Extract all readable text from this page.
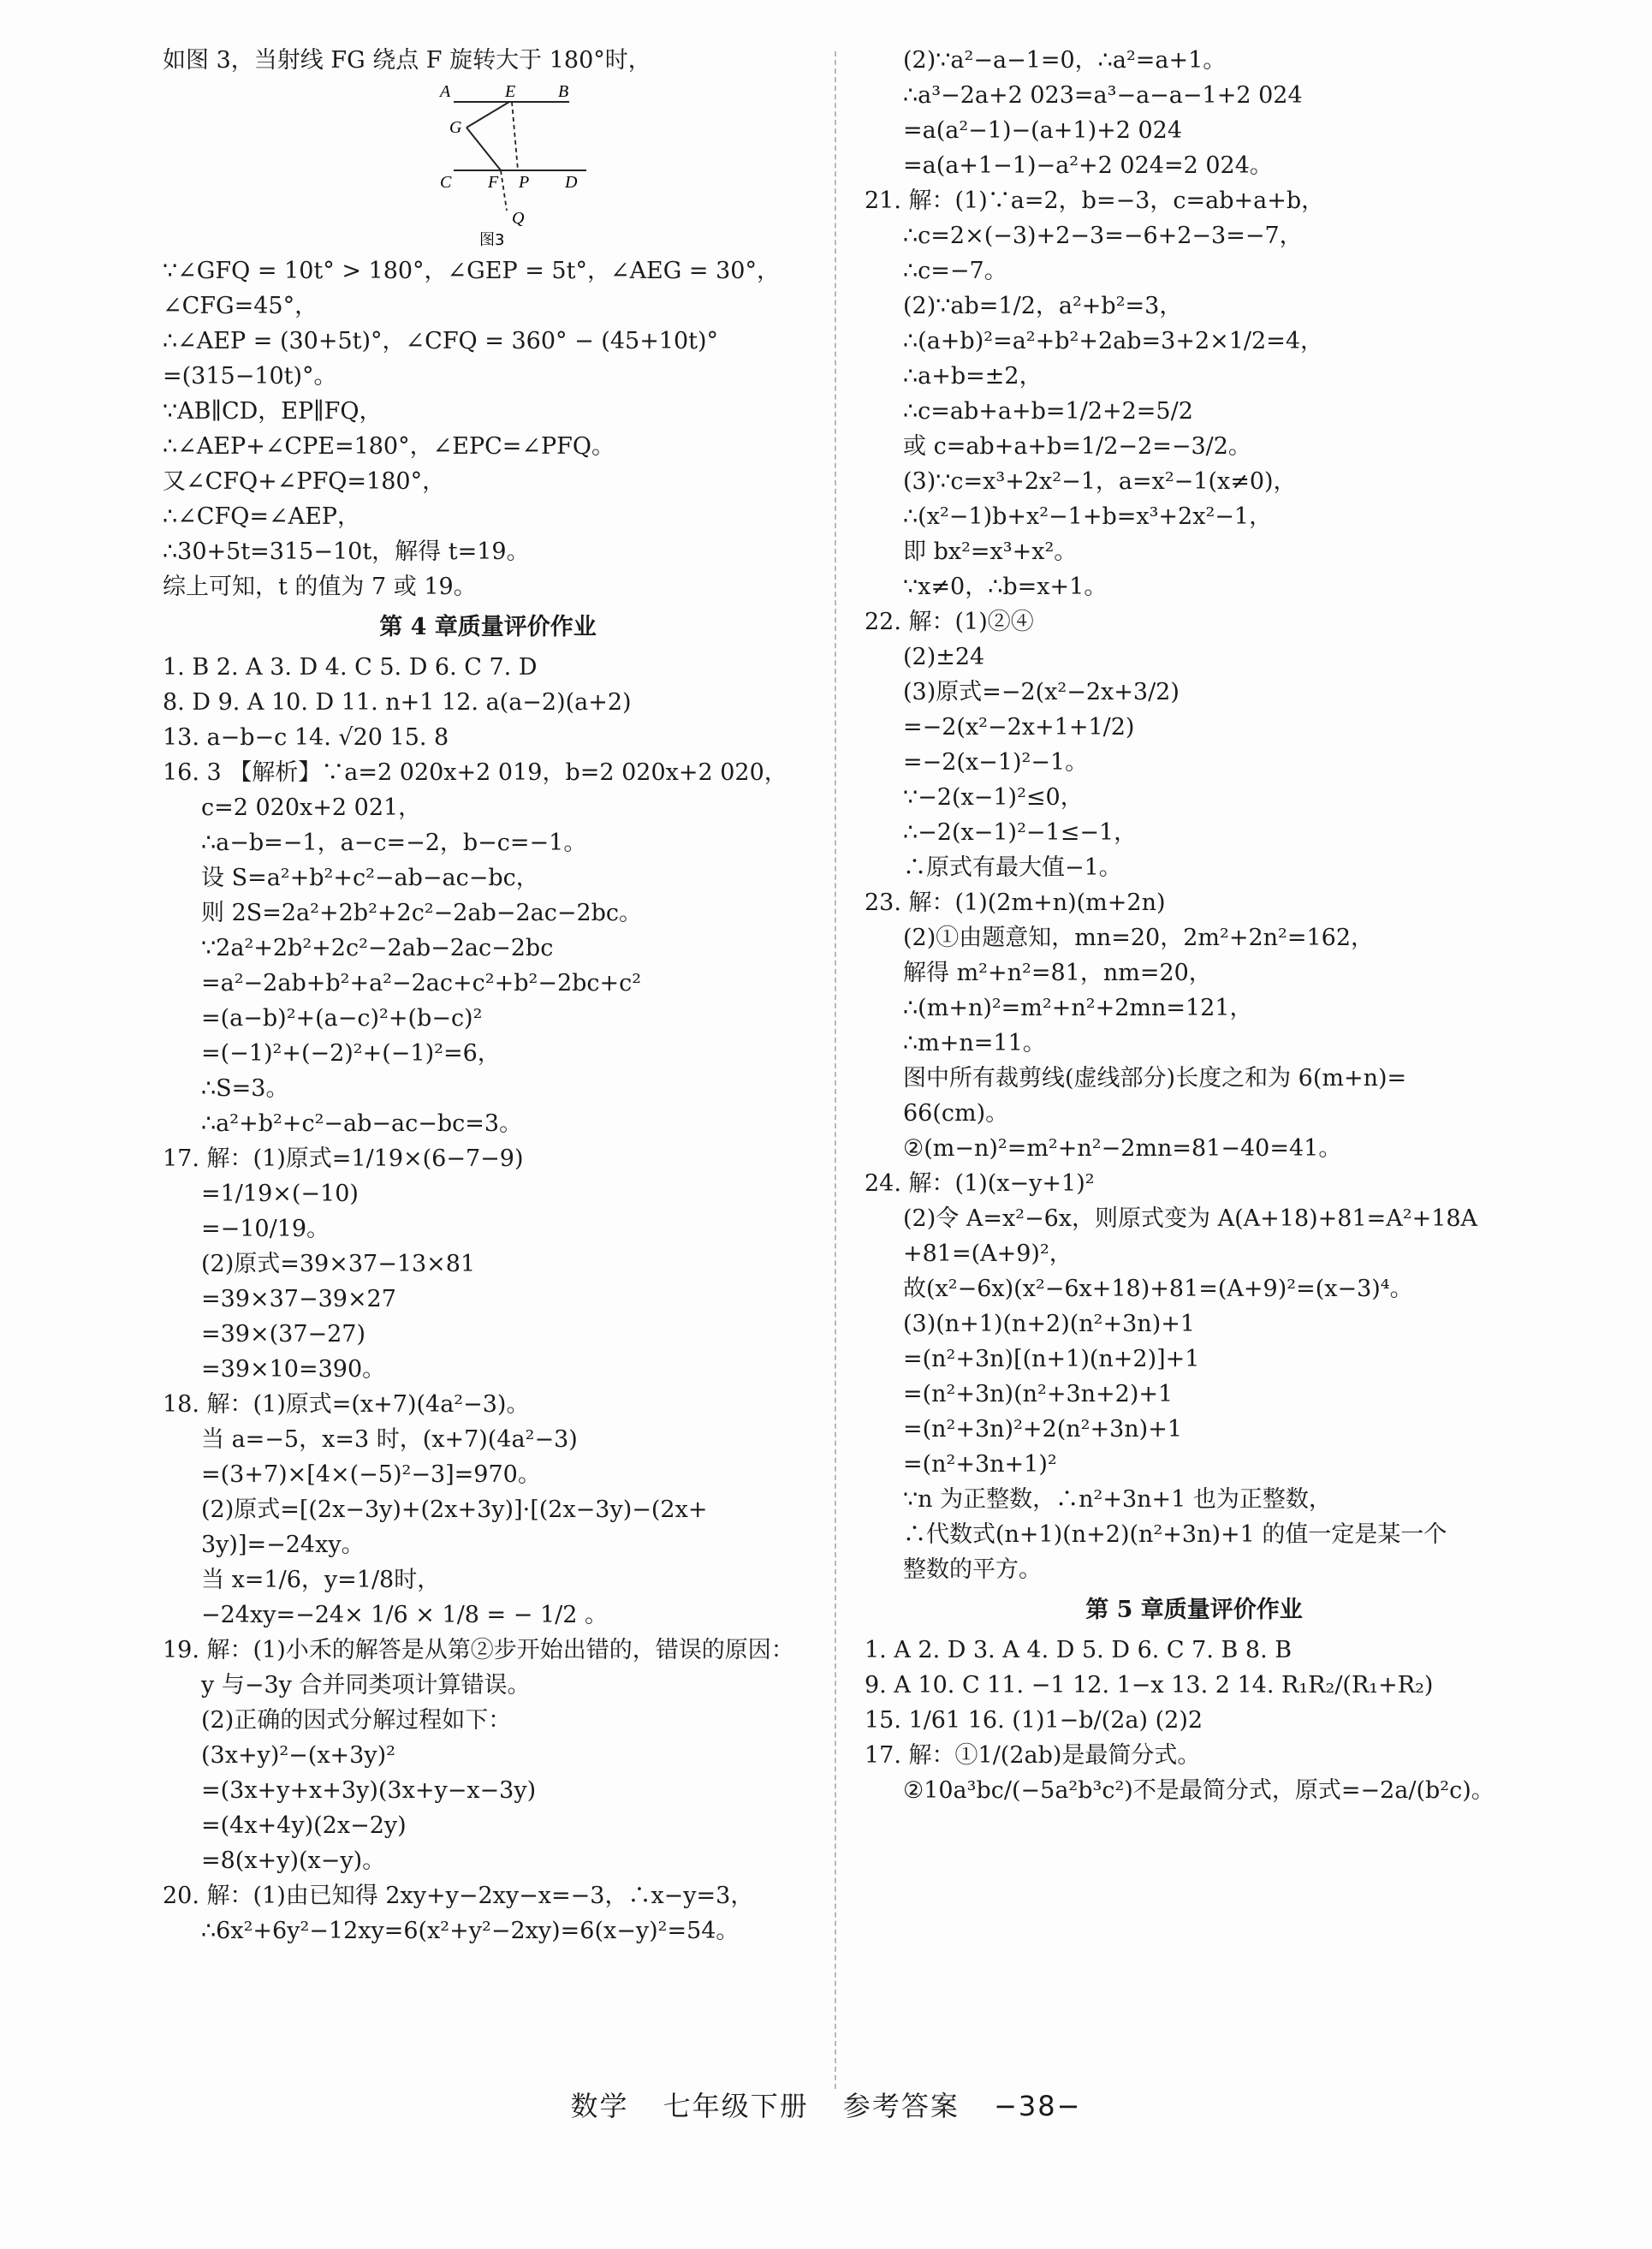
如图 3，当射线 FG 绕点 F 旋转大于 180°时，
A	E B
G
C F P D
Q
图3
∵∠GFQ = 10t° > 180°，∠GEP = 5t°，∠AEG = 30°，
∠CFG=45°，
∴∠AEP = (30+5t)°，∠CFQ = 360° − (45+10t)°
=(315−10t)°。
∵AB∥CD，EP∥FQ，
∴∠AEP+∠CPE=180°，∠EPC=∠PFQ。
又∠CFQ+∠PFQ=180°，
∴∠CFQ=∠AEP，
∴30+5t=315−10t，解得 t=19。
综上可知，t 的值为 7 或 19。
第 4 章质量评价作业
1. B 2. A 3. D 4. C 5. D 6. C 7. D
8. D 9. A 10. D 11. n+1 12. a(a−2)(a+2)
13. a−b−c 14. √20 15. 8
16. 3 【解析】∵a=2 020x+2 019，b=2 020x+2 020，
c=2 020x+2 021，
∴a−b=−1，a−c=−2，b−c=−1。
设 S=a²+b²+c²−ab−ac−bc，
则 2S=2a²+2b²+2c²−2ab−2ac−2bc。
∵2a²+2b²+2c²−2ab−2ac−2bc
=a²−2ab+b²+a²−2ac+c²+b²−2bc+c²
=(a−b)²+(a−c)²+(b−c)²
=(−1)²+(−2)²+(−1)²=6，
∴S=3。
∴a²+b²+c²−ab−ac−bc=3。
17. 解：(1)原式=1/19×(6−7−9)
=1/19×(−10)
=−10/19。
(2)原式=39×37−13×81
=39×37−39×27
=39×(37−27)
=39×10=390。
18. 解：(1)原式=(x+7)(4a²−3)。
当 a=−5，x=3 时，(x+7)(4a²−3)
=(3+7)×[4×(−5)²−3]=970。
(2)原式=[(2x−3y)+(2x+3y)]·[(2x−3y)−(2x+
3y)]=−24xy。
当 x=1/6，y=1/8时，
−24xy=−24× 1/6 × 1/8 = − 1/2 。
19. 解：(1)小禾的解答是从第②步开始出错的，错误的原因：
y 与−3y 合并同类项计算错误。
(2)正确的因式分解过程如下：
(3x+y)²−(x+3y)²
=(3x+y+x+3y)(3x+y−x−3y)
=(4x+4y)(2x−2y)
=8(x+y)(x−y)。
20. 解：(1)由已知得 2xy+y−2xy−x=−3，∴x−y=3，
∴6x²+6y²−12xy=6(x²+y²−2xy)=6(x−y)²=54。
(2)∵a²−a−1=0，∴a²=a+1。
∴a³−2a+2 023=a³−a−a−1+2 024
=a(a²−1)−(a+1)+2 024
=a(a+1−1)−a²+2 024=2 024。
21. 解：(1)∵a=2，b=−3，c=ab+a+b，
∴c=2×(−3)+2−3=−6+2−3=−7，
∴c=−7。
(2)∵ab=1/2，a²+b²=3，
∴(a+b)²=a²+b²+2ab=3+2×1/2=4，
∴a+b=±2，
∴c=ab+a+b=1/2+2=5/2
或 c=ab+a+b=1/2−2=−3/2。
(3)∵c=x³+2x²−1，a=x²−1(x≠0)，
∴(x²−1)b+x²−1+b=x³+2x²−1，
即 bx²=x³+x²。
∵x≠0，∴b=x+1。
22. 解：(1)②④
(2)±24
(3)原式=−2(x²−2x+3/2)
=−2(x²−2x+1+1/2)
=−2(x−1)²−1。
∵−2(x−1)²≤0，
∴−2(x−1)²−1≤−1，
∴原式有最大值−1。
23. 解：(1)(2m+n)(m+2n)
(2)①由题意知，mn=20，2m²+2n²=162，
解得 m²+n²=81，nm=20，
∴(m+n)²=m²+n²+2mn=121，
∴m+n=11。
图中所有裁剪线(虚线部分)长度之和为 6(m+n)=
66(cm)。
②(m−n)²=m²+n²−2mn=81−40=41。
24. 解：(1)(x−y+1)²
(2)令 A=x²−6x，则原式变为 A(A+18)+81=A²+18A
+81=(A+9)²，
故(x²−6x)(x²−6x+18)+81=(A+9)²=(x−3)⁴。
(3)(n+1)(n+2)(n²+3n)+1
=(n²+3n)[(n+1)(n+2)]+1
=(n²+3n)(n²+3n+2)+1
=(n²+3n)²+2(n²+3n)+1
=(n²+3n+1)²
∵n 为正整数，∴n²+3n+1 也为正整数，
∴代数式(n+1)(n+2)(n²+3n)+1 的值一定是某一个
整数的平方。
第 5 章质量评价作业
1. A 2. D 3. A 4. D 5. D 6. C 7. B 8. B
9. A 10. C 11. −1 12. 1−x 13. 2 14. R₁R₂/(R₁+R₂)
15. 1/61 16. (1)1−b/(2a) (2)2
17. 解：①1/(2ab)是最简分式。
②10a³bc/(−5a²b³c²)不是最简分式，原式=−2a/(b²c)。
数学 七年级下册 参考答案 −38−
